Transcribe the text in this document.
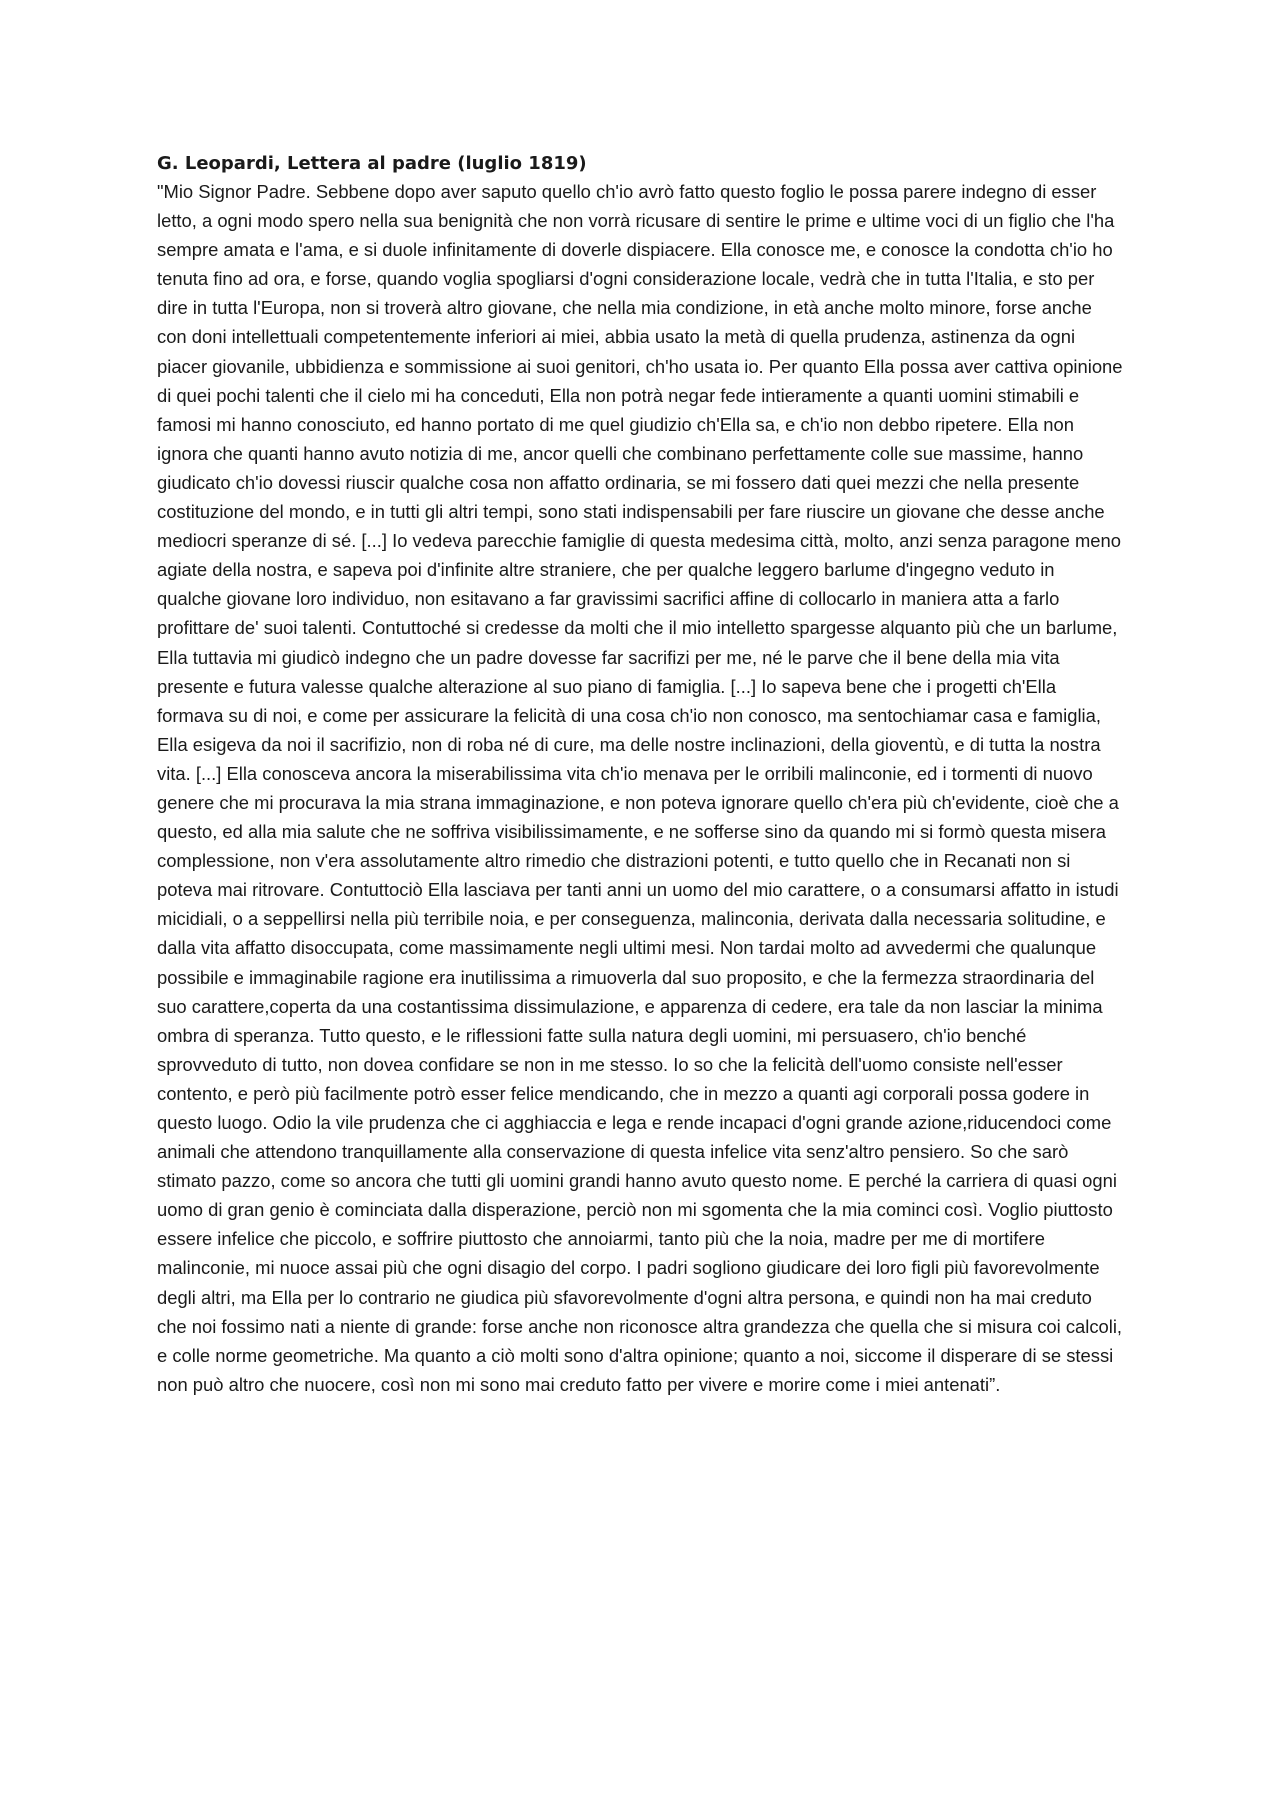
G. Leopardi, Lettera al padre (luglio 1819)

"Mio Signor Padre. Sebbene dopo aver saputo quello ch'io avrò fatto questo foglio le possa parere indegno di esser letto, a ogni modo spero nella sua benignità che non vorrà ricusare di sentire le prime e ultime voci di un figlio che l'ha sempre amata e l'ama, e si duole infinitamente di doverle dispiacere. Ella conosce me, e conosce la condotta ch'io ho tenuta fino ad ora, e forse, quando voglia spogliarsi d'ogni considerazione locale, vedrà che in tutta l'Italia, e sto per dire in tutta l'Europa, non si troverà altro giovane, che nella mia condizione, in età anche molto minore, forse anche con doni intellettuali competentemente inferiori ai miei, abbia usato la metà di quella prudenza, astinenza da ogni piacer giovanile, ubbidienza e sommissione ai suoi genitori, ch'ho usata io. Per quanto Ella possa aver cattiva opinione di quei pochi talenti che il cielo mi ha conceduti, Ella non potrà negar fede intieramente a quanti uomini stimabili e famosi mi hanno conosciuto, ed hanno portato di me quel giudizio ch'Ella sa, e ch'io non debbo ripetere. Ella non ignora che quanti hanno avuto notizia di me, ancor quelli che combinano perfettamente colle sue massime, hanno giudicato ch'io dovessi riuscir qualche cosa non affatto ordinaria, se mi fossero dati quei mezzi che nella presente costituzione del mondo, e in tutti gli altri tempi, sono stati indispensabili per fare riuscire un giovane che desse anche mediocri speranze di sé. [...] Io vedeva parecchie famiglie di questa medesima città, molto, anzi senza paragone meno agiate della nostra, e sapeva poi d'infinite altre straniere, che per qualche leggero barlume d'ingegno veduto in qualche giovane loro individuo, non esitavano a far gravissimi sacrifici affine di collocarlo in maniera atta a farlo profittare de' suoi talenti. Contuttoché si credesse da molti che il mio intelletto spargesse alquanto più che un barlume, Ella tuttavia mi giudicò indegno che un padre dovesse far sacrifizi per me, né le parve che il bene della mia vita presente e futura valesse qualche alterazione al suo piano di famiglia. [...] Io sapeva bene che i progetti ch'Ella formava su di noi, e come per assicurare la felicità di una cosa ch'io non conosco, ma sentochiamar casa e famiglia, Ella esigeva da noi il sacrifizio, non di roba né di cure, ma delle nostre inclinazioni, della gioventù, e di tutta la nostra vita. [...] Ella conosceva ancora la miserabilissima vita ch'io menava per le orribili malinconie, ed i tormenti di nuovo genere che mi procurava la mia strana immaginazione, e non poteva ignorare quello ch'era più ch'evidente, cioè che a questo, ed alla mia salute che ne soffriva visibilissimamente, e ne sofferse sino da quando mi si formò questa misera complessione, non v'era assolutamente altro rimedio che distrazioni potenti, e tutto quello che in Recanati non si poteva mai ritrovare. Contuttociò Ella lasciava per tanti anni un uomo del mio carattere, o a consumarsi affatto in istudi micidiali, o a seppellirsi nella più terribile noia, e per conseguenza, malinconia, derivata dalla necessaria solitudine, e dalla vita affatto disoccupata, come massimamente negli ultimi mesi. Non tardai molto ad avvedermi che qualunque possibile e immaginabile ragione era inutilissima a rimuoverla dal suo proposito, e che la fermezza straordinaria del suo carattere,coperta da una costantissima dissimulazione, e apparenza di cedere, era tale da non lasciar la minima ombra di speranza. Tutto questo, e le riflessioni fatte sulla natura degli uomini, mi persuasero, ch'io benché sprovveduto di tutto, non dovea confidare se non in me stesso. Io so che la felicità dell'uomo consiste nell'esser contento, e però più facilmente potrò esser felice mendicando, che in mezzo a quanti agi corporali possa godere in questo luogo. Odio la vile prudenza che ci agghiaccia e lega e rende incapaci d'ogni grande azione,riducendoci come animali che attendono tranquillamente alla conservazione di questa infelice vita senz'altro pensiero. So che sarò stimato pazzo, come so ancora che tutti gli uomini grandi hanno avuto questo nome. E perché la carriera di quasi ogni uomo di gran genio è cominciata dalla disperazione, perciò non mi sgomenta che la mia cominci così. Voglio piuttosto essere infelice che piccolo, e soffrire piuttosto che annoiarmi, tanto più che la noia, madre per me di mortifere malinconie, mi nuoce assai più che ogni disagio del corpo. I padri sogliono giudicare dei loro figli più favorevolmente degli altri, ma Ella per lo contrario ne giudica più sfavorevolmente d'ogni altra persona, e quindi non ha mai creduto che noi fossimo nati a niente di grande: forse anche non riconosce altra grandezza che quella che si misura coi calcoli, e colle norme geometriche. Ma quanto a ciò molti sono d'altra opinione; quanto a noi, siccome il disperare di se stessi non può altro che nuocere, così non mi sono mai creduto fatto per vivere e morire come i miei antenati”.
